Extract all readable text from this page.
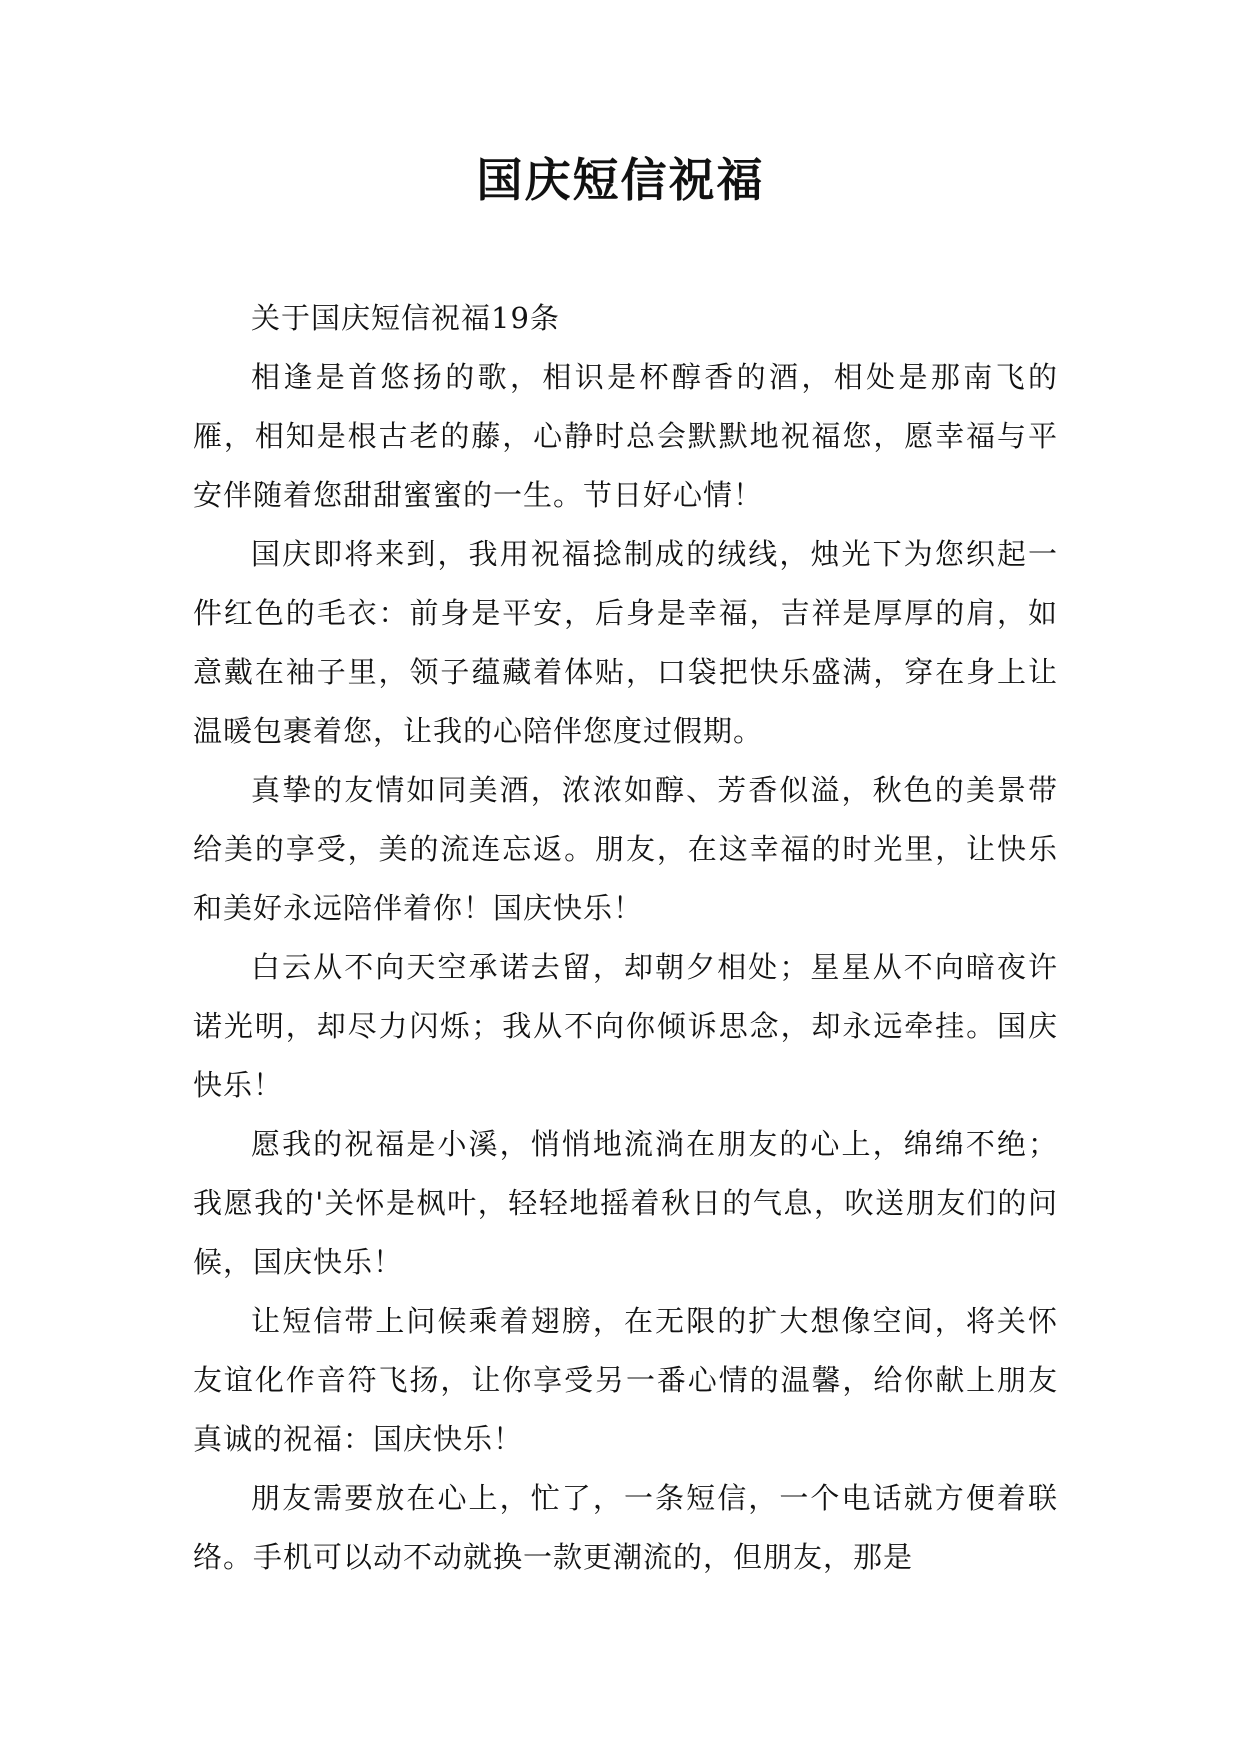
国庆短信祝福

关于国庆短信祝福19条

相逢是首悠扬的歌，相识是杯醇香的酒，相处是那南飞的雁，相知是根古老的藤，心静时总会默默地祝福您，愿幸福与平安伴随着您甜甜蜜蜜的一生。节日好心情！

国庆即将来到，我用祝福捻制成的绒线，烛光下为您织起一件红色的毛衣：前身是平安，后身是幸福，吉祥是厚厚的肩，如意戴在袖子里，领子蕴藏着体贴，口袋把快乐盛满，穿在身上让温暖包裹着您，让我的心陪伴您度过假期。

真挚的友情如同美酒，浓浓如醇、芳香似溢，秋色的美景带给美的享受，美的流连忘返。朋友，在这幸福的时光里，让快乐和美好永远陪伴着你！国庆快乐！

白云从不向天空承诺去留，却朝夕相处；星星从不向暗夜许诺光明，却尽力闪烁；我从不向你倾诉思念，却永远牵挂。国庆快乐！

愿我的祝福是小溪，悄悄地流淌在朋友的心上，绵绵不绝；我愿我的'关怀是枫叶，轻轻地摇着秋日的气息，吹送朋友们的问候，国庆快乐！

让短信带上问候乘着翅膀，在无限的扩大想像空间，将关怀友谊化作音符飞扬，让你享受另一番心情的温馨，给你献上朋友真诚的祝福：国庆快乐！

朋友需要放在心上，忙了，一条短信，一个电话就方便着联络。手机可以动不动就换一款更潮流的，但朋友，那是
